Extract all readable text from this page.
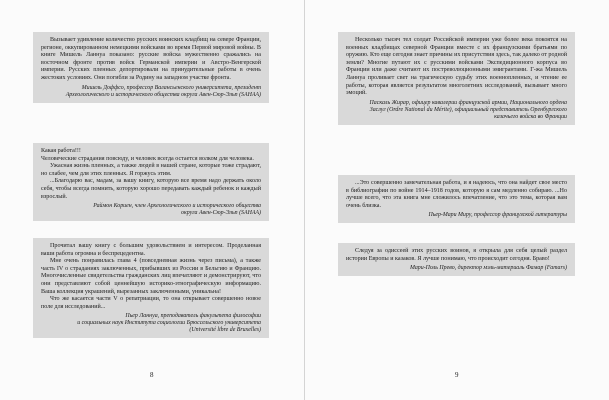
Вызывает удивление количество русских воинских кладбищ на севере Франции, регионе, оккупированном немецкими войсками во время Первой мировой войны. В книге Мишель Ланнуа показано: русские войска мужественно сражались на восточном фронте против войск Германской империи и Австро-Венгерской империи. Русских пленных депортировали на принудительные работы в очень жестоких условиях. Они погибли за Родину на западном участке фронта.

Мишель Доффсо, профессор Валансьенского университета, президент
Археологического и исторического общества округа Авен-Сюр-Эльп (SAHAA)

Какая работа!!!

Человеческие страдания повсюду, и человек всегда остается волком для человека.

Ужасная жизнь пленных, а также людей в нашей стране, которые тоже страдают, но слабее, чем для этих пленных. Я горжусь этим.

...Благодарю вас, мадам, за вашу книгу, которую все время надо держать около себя, чтобы всегда помнить, которую хорошо передавать каждый ребенок и каждый взрослый.

Раймон Кориен, член Археологического и исторического общества
округа Авен-Сюр-Эльп (SAHAA)

Прочитал вашу книгу с большим удовольствием и интересом. Проделанная ваши работа огромна и беспрецедентна.

Мне очень понравилась глава 4 (повседневная жизнь через письма), а также часть IV о страданиях заключенных, прибывших из России в Бельгию и Францию. Многочисленные свидетельства гражданских лиц впечатляют и демонстрируют, что они представляют собой ценнейшую историко-этнографическую информацию. Ваша коллекция украшений, вырезанных заключенными, уникальна!

Что же касается части V о репатриации, то она открывает совершенно новое поле для исследований...

Пьер Ланнуа, преподаватель факультета философии
и социальных наук Института социологии Брюссельского университета
(Université libre de Bruxelles)
8

Несколько тысяч тел солдат Российской империи уже более века покоятся на военных кладбищах северной Франции вместе с их французскими братьями по оружию. Кто еще сегодня знает причины их присутствия здесь, так далеко от родной земли? Многие путают их с русскими войсками Экспедиционного корпуса во Франции или даже считают их постреволюционными эмигрантами. Г-жа Мишель Ланнуа проливает свет на трагическую судьбу этих военнопленных, и чтение ее работы, которая является результатом многолетних исследований, вызывает много эмоций.

Паскаль Жирар, офицер кавалерии французской армии, Национального ордена
Заслуг (Ordre National du Mérite), официальный представитель Оренбургского
казачьего войска во Франции

...Это совершенно замечательная работа, и я надеюсь, что она найдет свое место в библиографии по войне 1914–1918 годов, которую я сам медленно собираю. ...Но лучше всего, что эта книга мне сложилось впечатление, что это тема, которая вам очень близка.

Пьер-Мари Миру, профессор французской литературы

Следуя за одиссеей этих русских воинов, я открыла для себя целый раздел истории Европы и казаков. Я лучше понимаю, что происходит сегодня. Браво!

Мари-Поль Прево, директор мэль-материаль Фамар (Famars)
9
